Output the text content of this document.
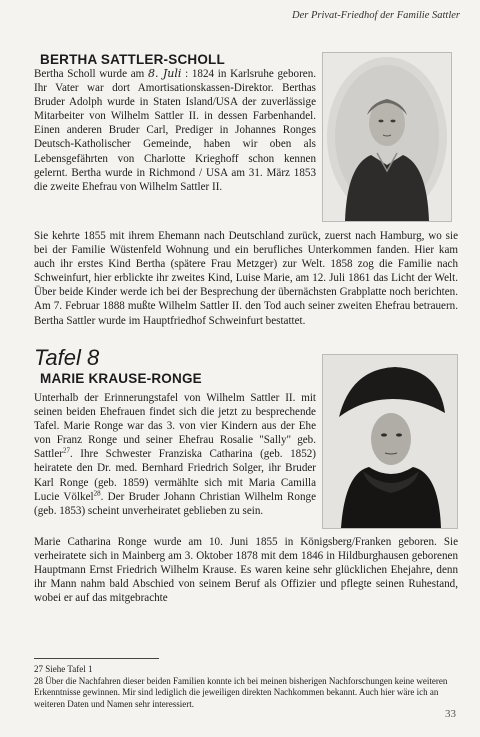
Der Privat-Friedhof der Familie Sattler
BERTHA SATTLER-SCHOLL

Bertha Scholl wurde am 8. Juli : 1824 in Karlsruhe geboren. Ihr Vater war dort Amortisationskassen-Direktor. Berthas Bruder Adolph wurde in Staten Island/USA der zuverlässige Mitarbeiter von Wilhelm Sattler II. in dessen Farbenhandel. Einen anderen Bruder Carl, Prediger in Johannes Ronges Deutsch-Katholischer Gemeinde, haben wir oben als Lebensgefährten von Charlotte Krieghoff schon kennen gelernt. Bertha wurde in Richmond / USA am 31. März 1853 die zweite Ehefrau von Wilhelm Sattler II.

Sie kehrte 1855 mit ihrem Ehemann nach Deutschland zurück, zuerst nach Hamburg, wo sie bei der Familie Wüstenfeld Wohnung und ein berufliches Unterkommen fanden. Hier kam auch ihr erstes Kind Bertha (spätere Frau Metzger) zur Welt. 1858 zog die Familie nach Schweinfurt, hier erblickte ihr zweites Kind, Luise Marie, am 12. Juli 1861 das Licht der Welt. Über beide Kinder werde ich bei der Besprechung der übernächsten Grabplatte noch berichten. Am 7. Februar 1888 mußte Wilhelm Sattler II. den Tod auch seiner zweiten Ehefrau betrauern. Bertha Sattler wurde im Hauptfriedhof Schweinfurt bestattet.

Tafel 8
MARIE KRAUSE-RONGE

Unterhalb der Erinnerungstafel von Wilhelm Sattler II. mit seinen beiden Ehefrauen findet sich die jetzt zu besprechende Tafel. Marie Ronge war das 3. von vier Kindern aus der Ehe von Franz Ronge und seiner Ehefrau Rosalie "Sally" geb. Sattler$^{27}$. Ihre Schwester Franziska Catharina (geb. 1852) heiratete den Dr. med. Bernhard Friedrich Solger, ihr Bruder Karl Ronge (geb. 1859) vermählte sich mit Maria Camilla Lucie Völkel$^{28}$. Der Bruder Johann Christian Wilhelm Ronge (geb. 1853) scheint unverheiratet geblieben zu sein.

Marie Catharina Ronge wurde am 10. Juni 1855 in Königsberg/Franken geboren. Sie verheiratete sich in Mainberg am 3. Oktober 1878 mit dem 1846 in Hildburghausen geborenen Hauptmann Ernst Friedrich Wilhelm Krause. Es waren keine sehr glücklichen Ehejahre, denn ihr Mann nahm bald Abschied von seinem Beruf als Offizier und pflegte seinen Ruhestand, wobei er auf das mitgebrachte

27 Siehe Tafel 1

28 Über die Nachfahren dieser beiden Familien konnte ich bei meinen bisherigen Nachforschungen keine weiteren Erkenntnisse gewinnen. Mir sind lediglich die jeweiligen direkten Nachkommen bekannt. Auch hier wäre ich an weiteren Daten und Namen sehr interessiert.

33
